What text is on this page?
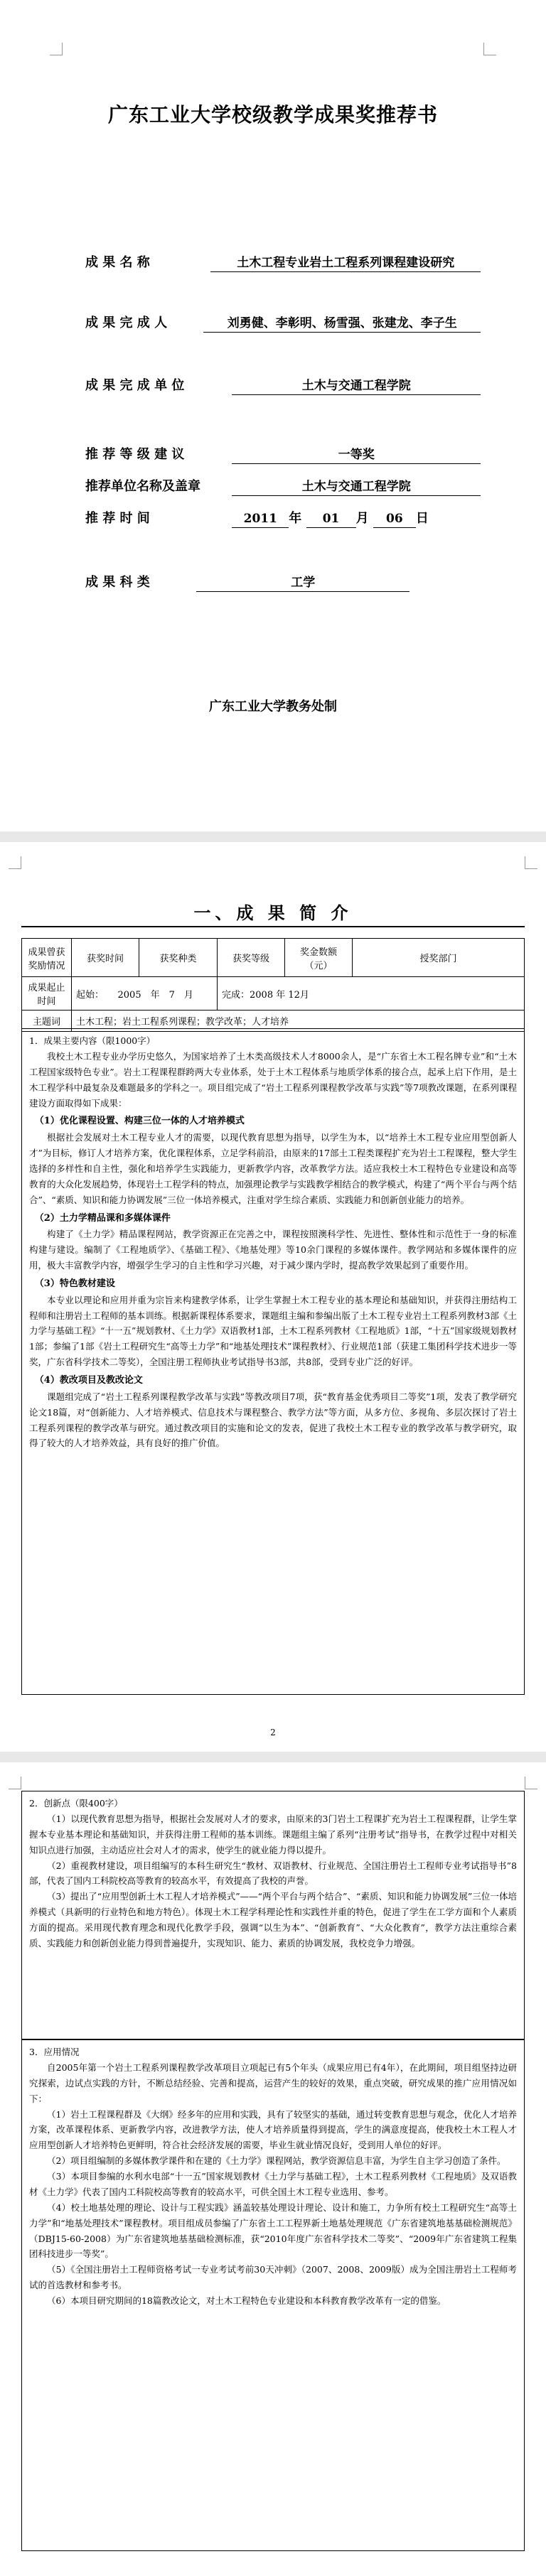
广东工业大学校级教学成果奖推荐书
成 果 名 称	土木工程专业岩土工程系列课程建设研究
成 果 完 成 人	刘勇健、李彰明、杨雪强、张建龙、李子生
成 果 完 成 单 位	土木与交通工程学院
推 荐 等 级 建 议	一等奖
推荐单位名称及盖章	土木与交通工程学院
推 荐 时 间	2011 年 01 月 06 日
成 果 科 类	工学
广东工业大学教务处制
一、成 果 简 介
成果曾获奖励情况	获奖时间	获奖种类	获奖等级	奖金数额（元）	授奖部门
成果起止时间	起始：　　2005　年　7　月		完成：2008 年 12月		
主题词	土木工程；岩土工程系列课程；教学改革；人才培养				

1．成果主要内容（限1000字）

我校土木工程专业办学历史悠久，为国家培养了土木类高级技术人才8000余人，是“广东省土木工程名牌专业”和“土木工程国家级特色专业”。岩土工程课程群跨两大专业体系，处于土木工程体系与地质学体系的接合点，起承上启下作用，是土木工程学科中最复杂及难题最多的学科之一。项目组完成了“岩土工程系列课程教学改革与实践”等7项教改课题，在系列课程建设方面取得如下成果：

（1）优化课程设置、构建三位一体的人才培养模式

根据社会发展对土木工程专业人才的需要，以现代教育思想为指导，以学生为本，以“培养土木工程专业应用型创新人才”为目标，修订人才培养方案，优化课程体系，立足学科前沿，由原来的17部土工程类课程扩充为岩土工程课程，整大学生选择的多样性和自主性，强化和培养学生实践能力，更新教学内容，改革教学方法。适应我校土木工程特色专业建设和高等教育的大众化发展趋势，体现岩土工程学科的特点，加强理论教学与实践教学相结合的教学模式，构建了“两个平台与两个结合”、“素质、知识和能力协调发展”三位一体培养模式，注重对学生综合素质、实践能力和创新创业能力的培养。

（2）土力学精品课和多媒体课件

构建了《土力学》精品课程网站，教学资源正在完善之中，课程按照澳科学性、先进性、整体性和示范性于一身的标准构建与建设。编制了《工程地质学》、《基础工程》、《地基处理》等10余门课程的多媒体课件。教学网站和多媒体课件的应用，极大丰富教学内容，增强学生学习的自主性和学习兴趣，对于减少课内学时，提高教学效果起到了重要作用。

（3）特色教材建设

本专业以理论和应用并重为宗旨来构建教学体系，让学生掌握土木工程专业的基本理论和基础知识，并获得注册结构工程师和注册岩土工程师的基本训练。根据新课程体系要求，课题组主编和参编出版了土木工程专业岩土工程系列教材3部《土力学与基础工程》“十一五”规划教材、《土力学》双语教材1部，土木工程系列教材《工程地质》1部，“十五”国家级规划教材1部；参编了1部《岩土工程研究生“高等土力学”和“地基处理技术”课程教材》、行业规范1部（获建工集团科学技术进步一等奖，广东省科学技术二等奖），全国注册工程师执业考试指导书3部，共8部，受到专业广泛的好评。

（4）教改项目及教改论文

课题组完成了“岩土工程系列课程教学改革与实践”等教改项目7项，获“教育基金优秀项目二等奖”1项，发表了教学研究论文18篇，对“创新能力、人才培养模式、信息技术与课程整合、教学方法”等方面，从多方位、多视角、多层次探讨了岩土工程系列课程的教学改革与研究。通过教改项目的实施和论文的发表，促进了我校土木工程专业的教学改革与教学研究，取得了较大的人才培养效益，具有良好的推广价值。

2

2．创新点（限400字）

（1）以现代教育思想为指导，根据社会发展对人才的要求，由原来的3门岩土工程课扩充为岩土工程课程群，让学生掌握本专业基本理论和基础知识，并获得注册工程师的基本训练。课题组主编了系列“注册考试”指导书，在教学过程中对相关知识点进行加强，主动适应社会对人才的需求，使学生的就业能力得以提升。

（2）重视教材建设，项目组编写的本科生研究生“教材、双语教材、行业规范、全国注册岩土工程师专业考试指导书”8部，代表了国内工科院校高等教育的较高水平，有效提高了我校的声誉。

（3）提出了“应用型创新土木工程人才培养模式”——“两个平台与两个结合”、“素质、知识和能力协调发展”三位一体培养模式（具新明的行业特色和地方特色）。体现土木工程学科理论性和实践性并重的特色，促进了学生在工学方面和个人素质方面的提高。采用现代教育理念和现代化教学手段，强调“以生为本”、“创新教育”、“大众化教育”，教学方法注重综合素质、实践能力和创新创业能力得到普遍提升，实现知识、能力、素质的协调发展，我校竞争力增强。

3．应用情况

自2005年第一个岩土工程系列课程教学改革项目立项起已有5个年头（成果应用已有4年），在此期间，项目组坚持边研究探索，边试点实践的方针，不断总结经验、完善和提高，运营产生的较好的效果，重点突破，研究成果的推广应用情况如下：

（1）岩土工程课程群及《大纲》经多年的应用和实践，具有了较坚实的基础，通过转变教育思想与观念，优化人才培养方案，改革课程体系、更新教学内容，改进教学方法，使人才培养质量得到提高，学生的满意度提高，使我校土木工程人才应用型创新人才培养特色更鲜明，符合社会经济发展的需要，毕业生就业情况良好，受到用人单位的好评。

（2）项目组编制的多媒体教学课件和在建的《土力学》课程网站，教学资源信息丰富，为学生自主学习创造了条件。

（3）本项目参编的水利水电部“十一五”国家规划教材《土力学与基础工程》，土木工程系列教材《工程地质》及双语教材《土力学》代表了国内工科院校高等教育的较高水平，可供全国土木工程专业选用、参考。

（4）校土地基处理的理论、设计与工程实践》涵盖较基处理设计理论、设计和施工，力争所有校土工程研究生“高等土力学”和“地基处理技术”课程教材。项目组成员参编了广东省土工工程界新土地基处理规范《广东省建筑地基基础检测规范》（DBJ15-60-2008）为广东省建筑地基基础检测标准，获“2010年度广东省科学技术二等奖”、“2009年广东省建筑工程集团科技进步一等奖”。

（5）《全国注册岩土工程师资格考试一专业考试考前30天冲刺》（2007、2008、2009版）成为全国注册岩土工程师考试的首选教材和参考书。

（6）本项目研究期间的18篇教改论文，对土木工程特色专业建设和本科教育教学改革有一定的借鉴。
